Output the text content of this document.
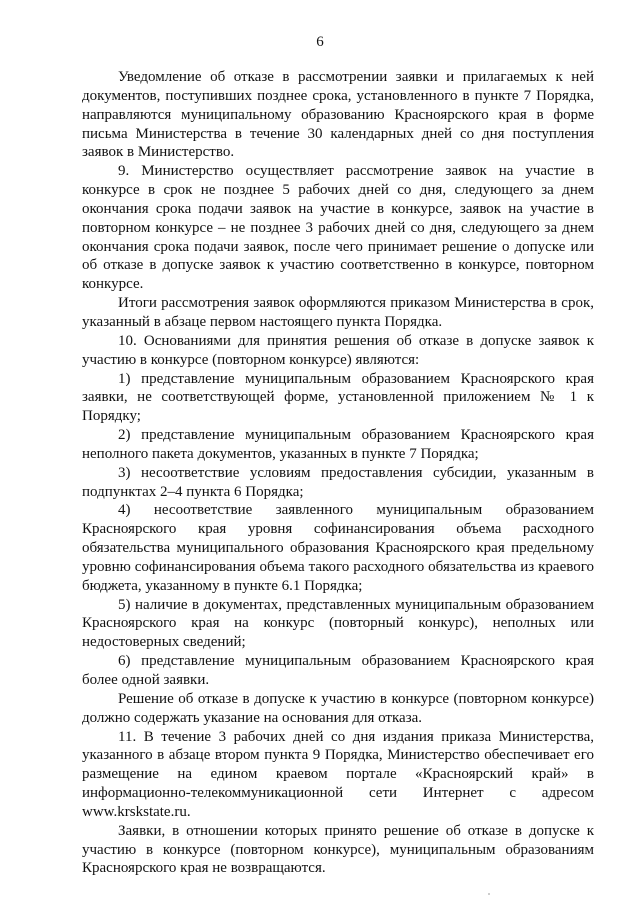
6

Уведомление об отказе в рассмотрении заявки и прилагаемых к ней документов, поступивших позднее срока, установленного в пункте 7 Порядка, направляются муниципальному образованию Красноярского края в форме письма Министерства в течение 30 календарных дней со дня поступления заявок в Министерство.

9. Министерство осуществляет рассмотрение заявок на участие в конкурсе в срок не позднее 5 рабочих дней со дня, следующего за днем окончания срока подачи заявок на участие в конкурсе, заявок на участие в повторном конкурсе – не позднее 3 рабочих дней со дня, следующего за днем окончания срока подачи заявок, после чего принимает решение о допуске или об отказе в допуске заявок к участию соответственно в конкурсе, повторном конкурсе.

Итоги рассмотрения заявок оформляются приказом Министерства в срок, указанный в абзаце первом настоящего пункта Порядка.

10. Основаниями для принятия решения об отказе в допуске заявок к участию в конкурсе (повторном конкурсе) являются:

1) представление муниципальным образованием Красноярского края заявки, не соответствующей форме, установленной приложением № 1 к Порядку;

2) представление муниципальным образованием Красноярского края неполного пакета документов, указанных в пункте 7 Порядка;

3) несоответствие условиям предоставления субсидии, указанным в подпунктах 2–4 пункта 6 Порядка;

4) несоответствие заявленного муниципальным образованием Красноярского края уровня софинансирования объема расходного обязательства муниципального образования Красноярского края предельному уровню софинансирования объема такого расходного обязательства из краевого бюджета, указанному в пункте 6.1 Порядка;

5) наличие в документах, представленных муниципальным образованием Красноярского края на конкурс (повторный конкурс), неполных или недостоверных сведений;

6) представление муниципальным образованием Красноярского края более одной заявки.

Решение об отказе в допуске к участию в конкурсе (повторном конкурсе) должно содержать указание на основания для отказа.

11. В течение 3 рабочих дней со дня издания приказа Министерства, указанного в абзаце втором пункта 9 Порядка, Министерство обеспечивает его размещение на едином краевом портале «Красноярский край» в информационно-телекоммуникационной сети Интернет с адресом www.krskstate.ru.

Заявки, в отношении которых принято решение об отказе в допуске к участию в конкурсе (повторном конкурсе), муниципальным образованиям Красноярского края не возвращаются.
